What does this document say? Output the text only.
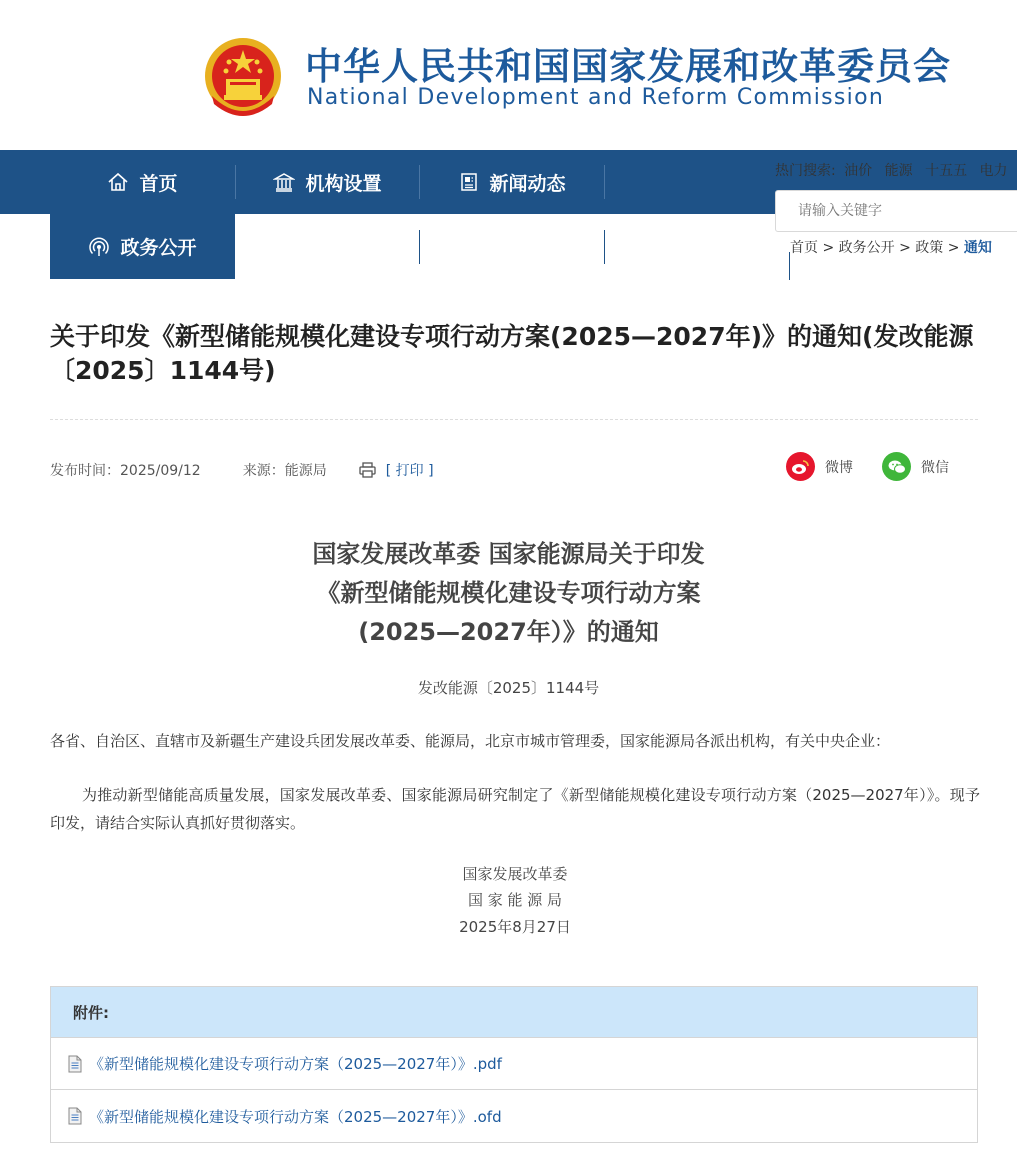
中华人民共和国国家发展和改革委员会
National Development and Reform Commission
首页	机构设置	新闻动态
政务公开
热门搜索: 油价 能源 十五五 电力
请输入关键字
首页 > 政务公开 > 政策 > 通知
关于印发《新型储能规模化建设专项行动方案(2025—2027年)》的通知(发改能源〔2025〕1144号)
发布时间：2025/09/12	来源：能源局	[ 打印 ]	微博	微信
国家发展改革委 国家能源局关于印发
《新型储能规模化建设专项行动方案
(2025—2027年）》的通知
发改能源〔2025〕1144号

各省、自治区、直辖市及新疆生产建设兵团发展改革委、能源局，北京市城市管理委，国家能源局各派出机构，有关中央企业：

为推动新型储能高质量发展，国家发展改革委、国家能源局研究制定了《新型储能规模化建设专项行动方案（2025—2027年）》。现予印发，请结合实际认真抓好贯彻落实。

国家发展改革委
国 家 能 源 局
2025年8月27日
附件:
《新型储能规模化建设专项行动方案（2025—2027年）》.pdf
《新型储能规模化建设专项行动方案（2025—2027年）》.ofd
